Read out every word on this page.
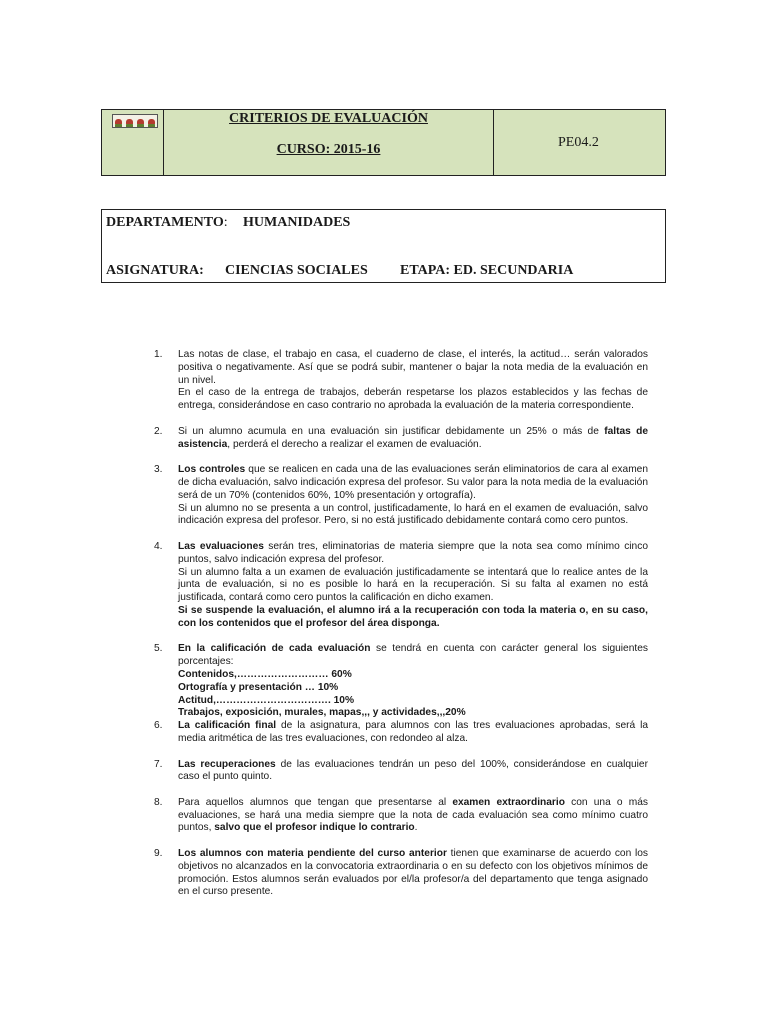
CRITERIOS DE EVALUACIÓN
CURSO: 2015-16	PE04.2
DEPARTAMENTO: HUMANIDADES
ASIGNATURA: CIENCIAS SOCIALES ETAPA: ED. SECUNDARIA
1. Las notas de clase, el trabajo en casa, el cuaderno de clase, el interés, la actitud… serán valorados positiva o negativamente. Así que se podrá subir, mantener o bajar la nota media de la evaluación en un nivel.

En el caso de la entrega de trabajos, deberán respetarse los plazos establecidos y las fechas de entrega, considerándose en caso contrario no aprobada la evaluación de la materia correspondiente.

2. Si un alumno acumula en una evaluación sin justificar debidamente un 25% o más de faltas de asistencia, perderá el derecho a realizar el examen de evaluación.

3. Los controles que se realicen en cada una de las evaluaciones serán eliminatorios de cara al examen de dicha evaluación, salvo indicación expresa del profesor. Su valor para la nota media de la evaluación será de un 70% (contenidos 60%, 10% presentación y ortografía).

Si un alumno no se presenta a un control, justificadamente, lo hará en el examen de evaluación, salvo indicación expresa del profesor. Pero, si no está justificado debidamente contará como cero puntos.

4. Las evaluaciones serán tres, eliminatorias de materia siempre que la nota sea como mínimo cinco puntos, salvo indicación expresa del profesor.

Si un alumno falta a un examen de evaluación justificadamente se intentará que lo realice antes de la junta de evaluación, si no es posible lo hará en la recuperación. Si su falta al examen no está justificada, contará como cero puntos la calificación en dicho examen.

Si se suspende la evaluación, el alumno irá a la recuperación con toda la materia o, en su caso, con los contenidos que el profesor del área disponga.

5. En la calificación de cada evaluación se tendrá en cuenta con carácter general los siguientes porcentajes:

Contenidos,……………………… 60%

Ortografía y presentación … 10%

Actitud,……………………………. 10%

Trabajos, exposición, murales, mapas,,, y actividades,,,20%

6. La calificación final de la asignatura, para alumnos con las tres evaluaciones aprobadas, será la media aritmética de las tres evaluaciones, con redondeo al alza.

7. Las recuperaciones de las evaluaciones tendrán un peso del 100%, considerándose en cualquier caso el punto quinto.

8. Para aquellos alumnos que tengan que presentarse al examen extraordinario con una o más evaluaciones, se hará una media siempre que la nota de cada evaluación sea como mínimo cuatro puntos, salvo que el profesor indique lo contrario.

9. Los alumnos con materia pendiente del curso anterior tienen que examinarse de acuerdo con los objetivos no alcanzados en la convocatoria extraordinaria o en su defecto con los objetivos mínimos de promoción. Estos alumnos serán evaluados por el/la profesor/a del departamento que tenga asignado en el curso presente.
